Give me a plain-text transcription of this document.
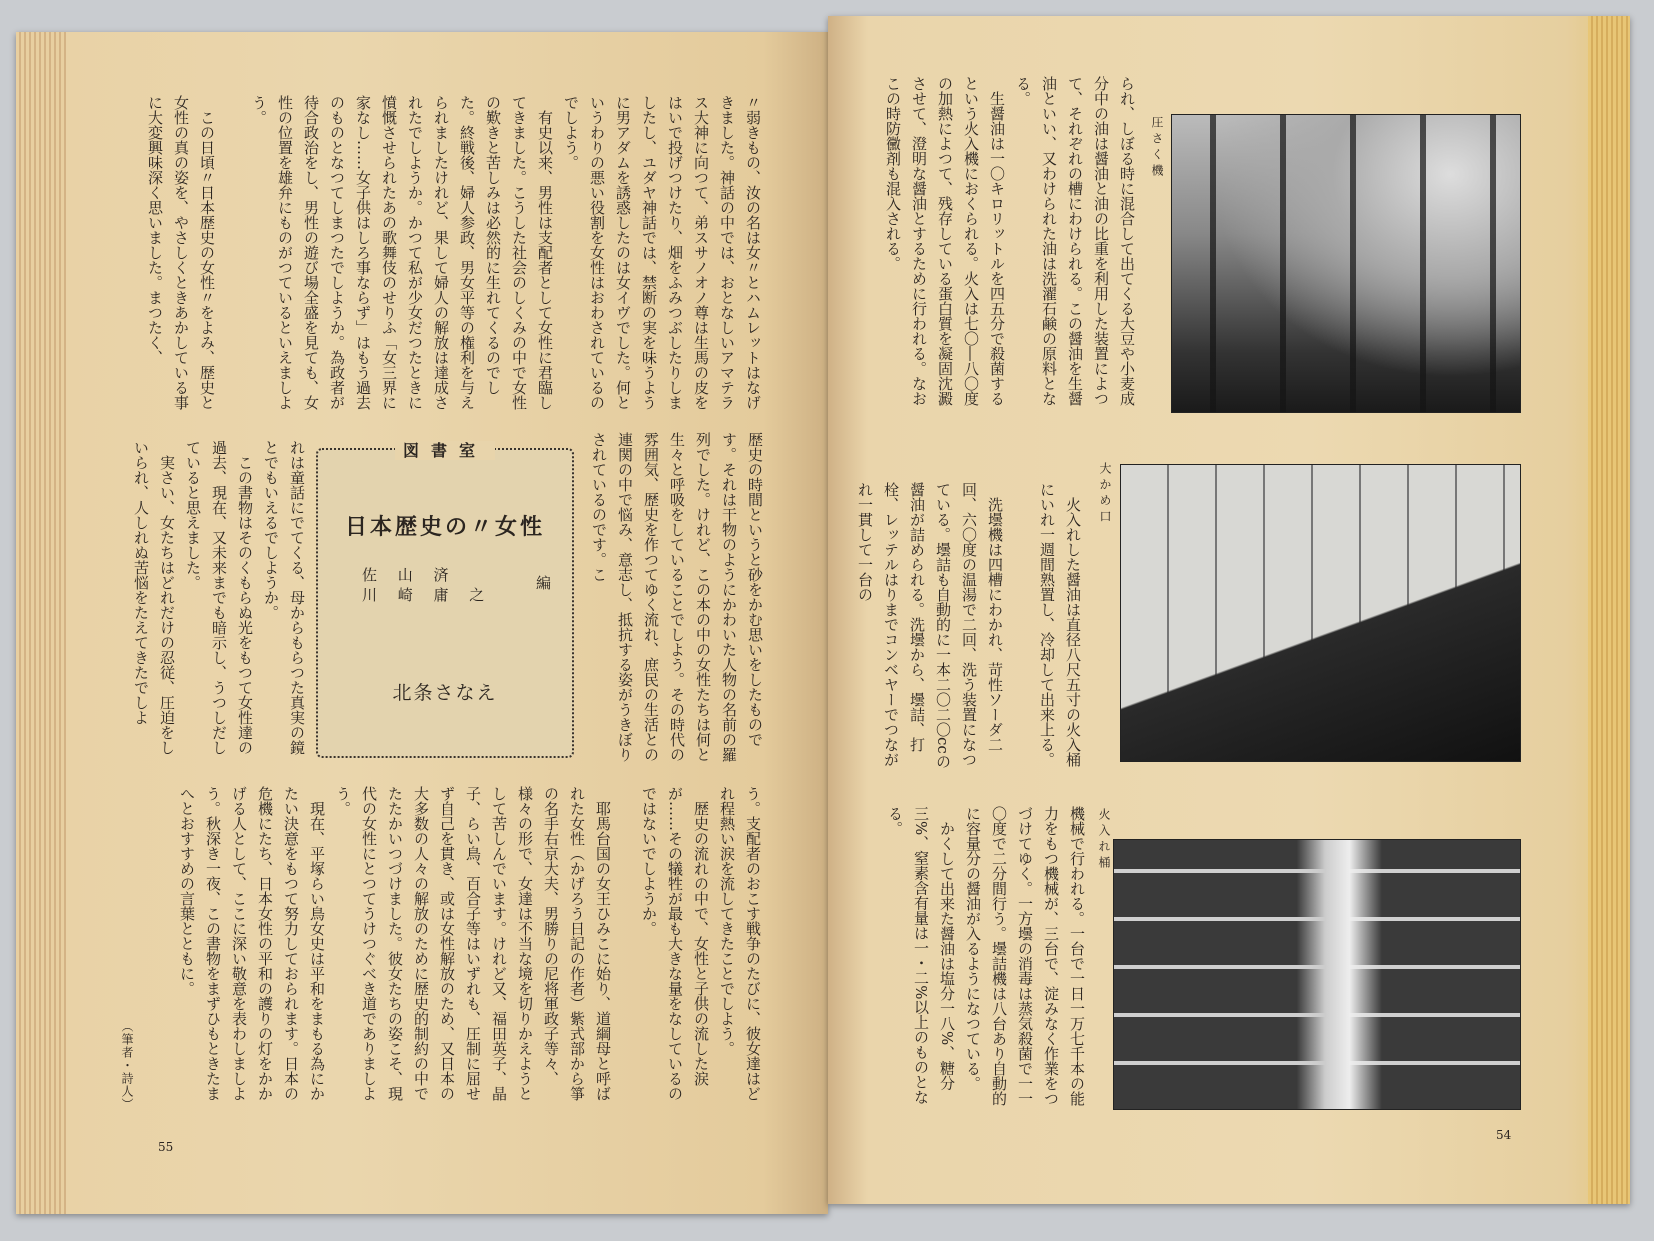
〃弱きもの、汝の名は女〃とハムレットはなげきました。神話の中では、おとなしいアマテラス大神に向つて、弟スサノオノ尊は生馬の皮をはいで投げつけたり、畑をふみつぶしたりしましたし、ユダヤ神話では、禁断の実を味うように男アダムを誘惑したのは女イヴでした。何というわりの悪い役割を女性はおわされているのでしよう。

有史以来、男性は支配者として女性に君臨してきました。こうした社会のしくみの中で女性の歎きと苦しみは必然的に生れてくるのでした。終戦後、婦人参政、男女平等の権利を与えられましたけれど、果して婦人の解放は達成されたでしようか。かつて私が少女だつたときに憤慨させられたあの歌舞伎のせりふ「女三界に家なし……女子供はしろ事ならず」はもう過去のものとなつてしまつたでしようか。為政者が待合政治をし、男性の遊び場全盛を見ても、女性の位置を雄弁にものがつているといえましよう。

この日頃〃日本歴史の女性〃をよみ、歴史と女性の真の姿を、やさしくときあかしている事に大変興味深く思いました。まつたく、

歴史の時間というと砂をかむ思いをしたものです。それは干物のようにかわいた人物の名前の羅列でした。けれど、この本の中の女性たちは何と生々と呼吸をしていることでしよう。その時代の雰囲気、歴史を作つてゆく流れ、庶民の生活との連関の中で悩み、意志し、抵抗する姿がうきぼりされているのです。こ

図書室
日本歴史の〃女性
佐 山 済
川 崎 庸 之
編
北条さなえ

れは童話にでてくる、母からもらつた真実の鏡とでもいえるでしようか。

この書物はそのくもらぬ光をもつて女性達の過去、現在、又未来までも暗示し、うつしだしていると思えました。

実さい、女たちはどれだけの忍従、圧迫をしいられ、人しれぬ苦悩をたえてきたでしよ

う。支配者のおこす戦争のたびに、彼女達はどれ程熱い涙を流してきたことでしよう。

歴史の流れの中で、女性と子供の流した涙が……その犠牲が最も大きな量をなしているのではないでしようか。

耶馬台国の女王ひみこに始り、道綱母と呼ばれた女性（かげろう日記の作者）紫式部から箏の名手右京大夫、男勝りの尼将軍政子等々、様々の形で、女達は不当な境を切りかえようとして苦しんでいます。けれど又、福田英子、晶子、らい鳥、百合子等はいずれも、圧制に屈せず自己を貫き、或は女性解放のため、又日本の大多数の人々の解放のために歴史的制約の中でたたかいつづけました。彼女たちの姿こそ、現代の女性にとつてうけつぐべき道でありましよう。

現在、平塚らい鳥女史は平和をまもる為にかたい決意をもつて努力しておられます。日本の危機にたち、日本女性の平和の護りの灯をかかげる人として、ここに深い敬意を表わしましよう。秋深き一夜、この書物をまずひもときたまへとおすすめの言葉とともに。

（筆者・詩人）
55

られ、しぼる時に混合して出てくる大豆や小麦成分中の油は醤油と油の比重を利用した装置によつて、それぞれの槽にわけられる。この醤油を生醤油といい、又わけられた油は洗濯石鹸の原料となる。

生醤油は一〇キロリットルを四五分で殺菌するという火入機におくられる。火入は七〇―八〇度の加熱によつて、残存している蛋白質を凝固沈澱させて、澄明な醤油とするために行われる。なおこの時防黴剤も混入される。	圧さく機

火入れした醤油は直径八尺五寸の火入桶にいれ一週間熟置し、冷却して出来上る。

洗壜機は四槽にわかれ、苛性ソーダ二回、六〇度の温湯で二回、洗う装置になつている。壜詰も自動的に一本二〇二〇ccの醤油が詰められる。洗壜から、壜詰、打栓、レッテルはりまでコンベヤーでつながれ一貫して一台の	大かめ口

機械で行われる。一台で一日一万七千本の能力をもつ機械が、三台で、淀みなく作業をつづけてゆく。一方壜の消毒は蒸気殺菌で一一〇度で二分間行う。壜詰機は八台あり自動的に容量分の醤油が入るようになつている。

かくして出来た醤油は塩分一八%、糖分三%、窒素含有量は一・二%以上のものとなる。	火入れ桶
54
